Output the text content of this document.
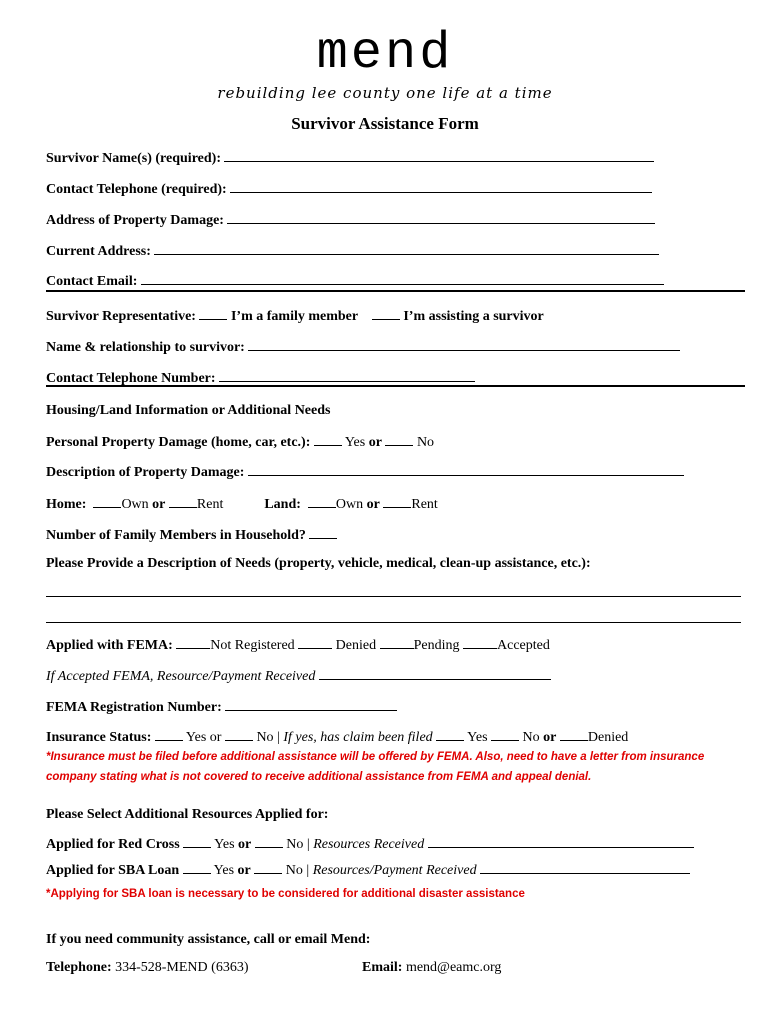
mend
rebuilding lee county one life at a time
Survivor Assistance Form
Survivor Name(s) (required):
Contact Telephone (required):
Address of Property Damage:
Current Address:
Contact Email:
Survivor Representative:	I’m a family member	I’m assisting a survivor
Name & relationship to survivor:
Contact Telephone Number:
Housing/Land Information or Additional Needs
Personal Property Damage (home, car, etc.): Yes or	No
Description of Property Damage:
Home:	Own or Rent	Land:	Own or Rent
Number of Family Members in Household?
Please Provide a Description of Needs (property, vehicle, medical, clean-up assistance, etc.):
Applied with FEMA:	Not Registered	Denied	Pending	Accepted
If Accepted FEMA, Resource/Payment Received
FEMA Registration Number:
Insurance Status: Yes or	No | If yes, has claim been filed Yes	No or Denied
*Insurance must be filed before additional assistance will be offered by FEMA. Also, need to have a letter from insurance
company stating what is not covered to receive additional assistance from FEMA and appeal denial.
Please Select Additional Resources Applied for:
Applied for Red Cross Yes or	No | Resources Received
Applied for SBA Loan Yes or	No | Resources/Payment Received
*Applying for SBA loan is necessary to be considered for additional disaster assistance
If you need community assistance, call or email Mend:
Telephone: 334-528-MEND (6363)	Email: mend@eamc.org
